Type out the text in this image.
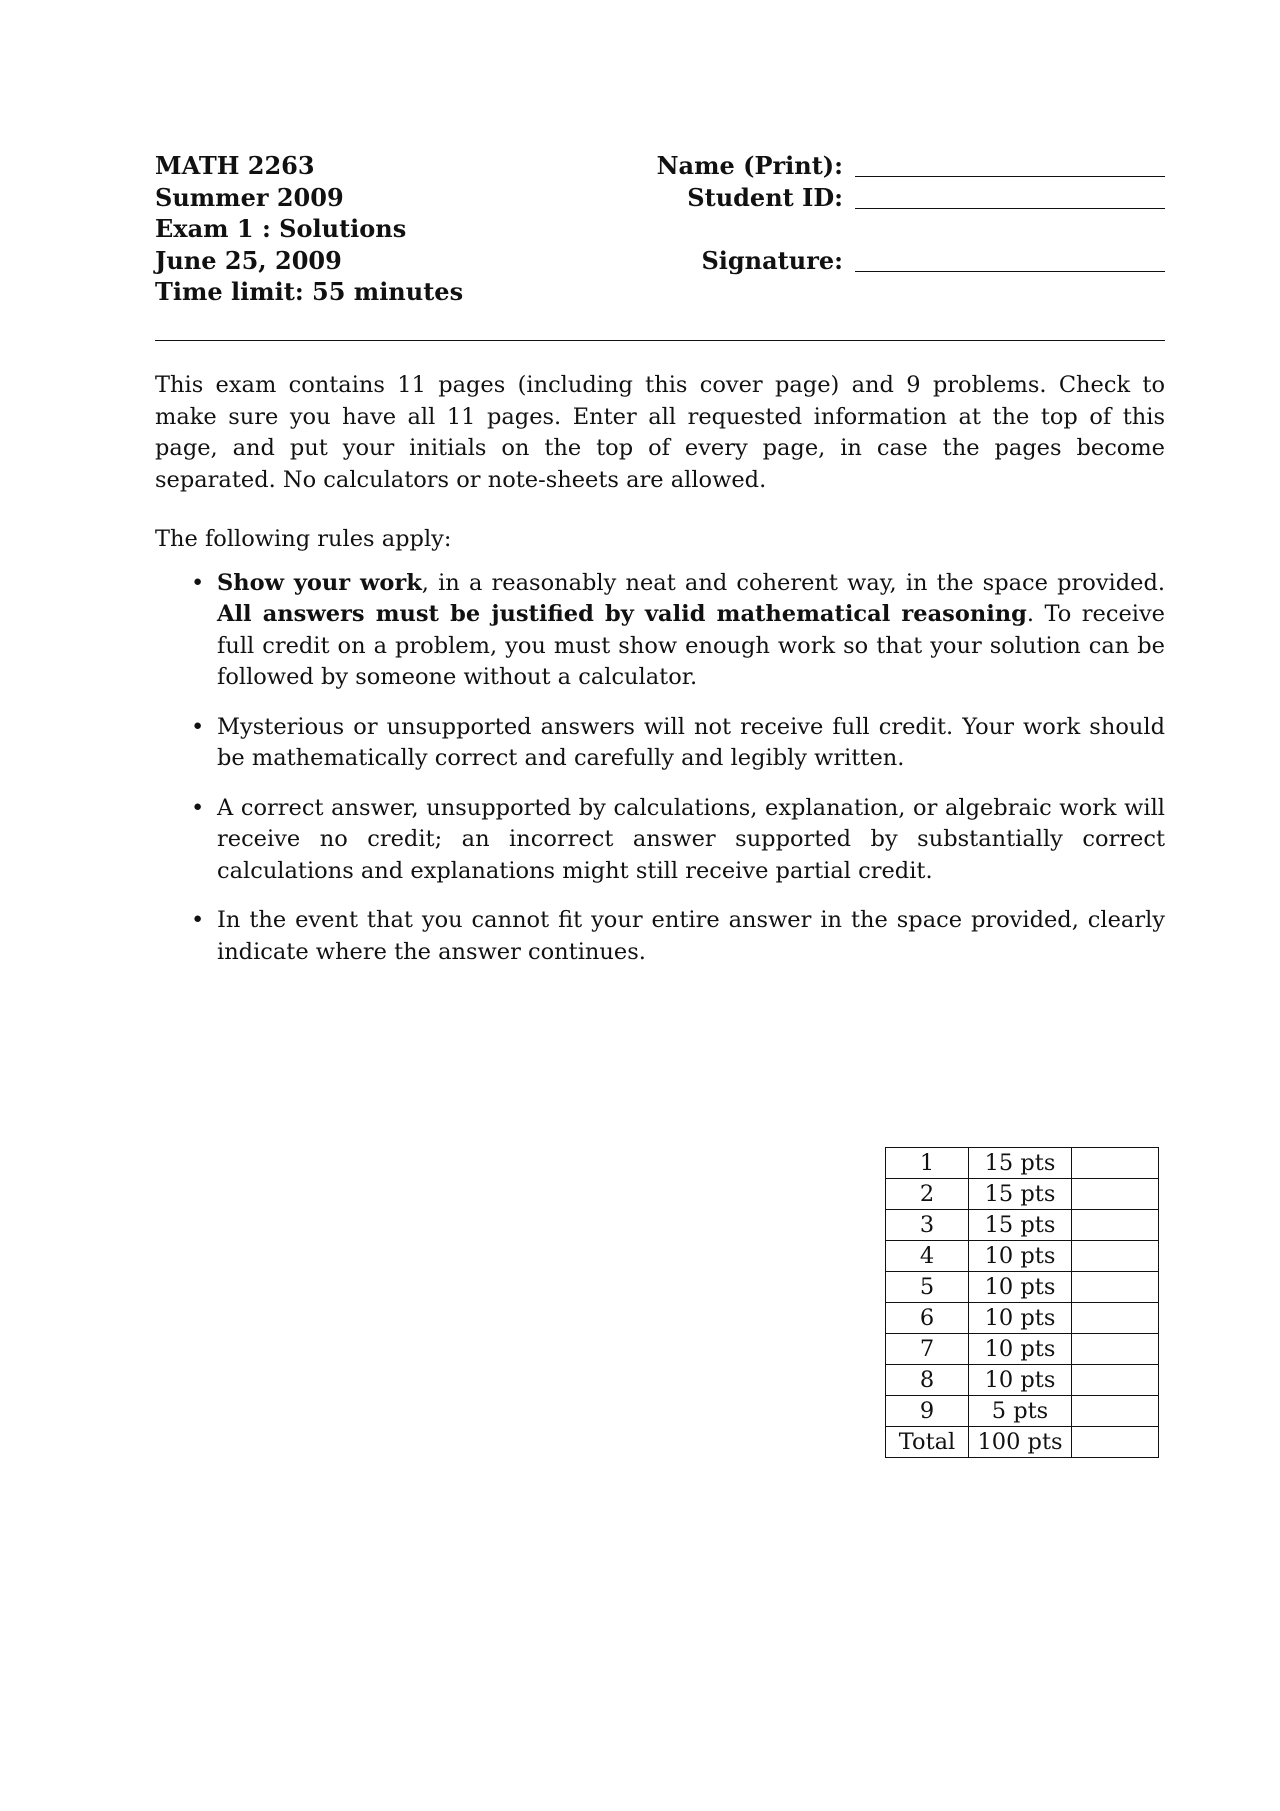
MATH 2263
Summer 2009
Exam 1 : Solutions
June 25, 2009
Time limit: 55 minutes
Name (Print):
Student ID:
Signature:

This exam contains 11 pages (including this cover page) and 9 problems. Check to make sure you have all 11 pages. Enter all requested information at the top of this page, and put your initials on the top of every page, in case the pages become separated. No calculators or note-sheets are allowed.

The following rules apply:

• Show your work, in a reasonably neat and coherent way, in the space provided. All answers must be justified by valid mathematical reasoning. To receive full credit on a problem, you must show enough work so that your solution can be followed by someone without a calculator.
• Mysterious or unsupported answers will not receive full credit. Your work should be mathematically correct and carefully and legibly written.
• A correct answer, unsupported by calculations, explanation, or algebraic work will receive no credit; an incorrect answer supported by substantially correct calculations and explanations might still receive partial credit.
• In the event that you cannot fit your entire answer in the space provided, clearly indicate where the answer continues.
1	15 pts	
2	15 pts	
3	15 pts	
4	10 pts	
5	10 pts	
6	10 pts	
7	10 pts	
8	10 pts	
9	5 pts	
Total	100 pts	
